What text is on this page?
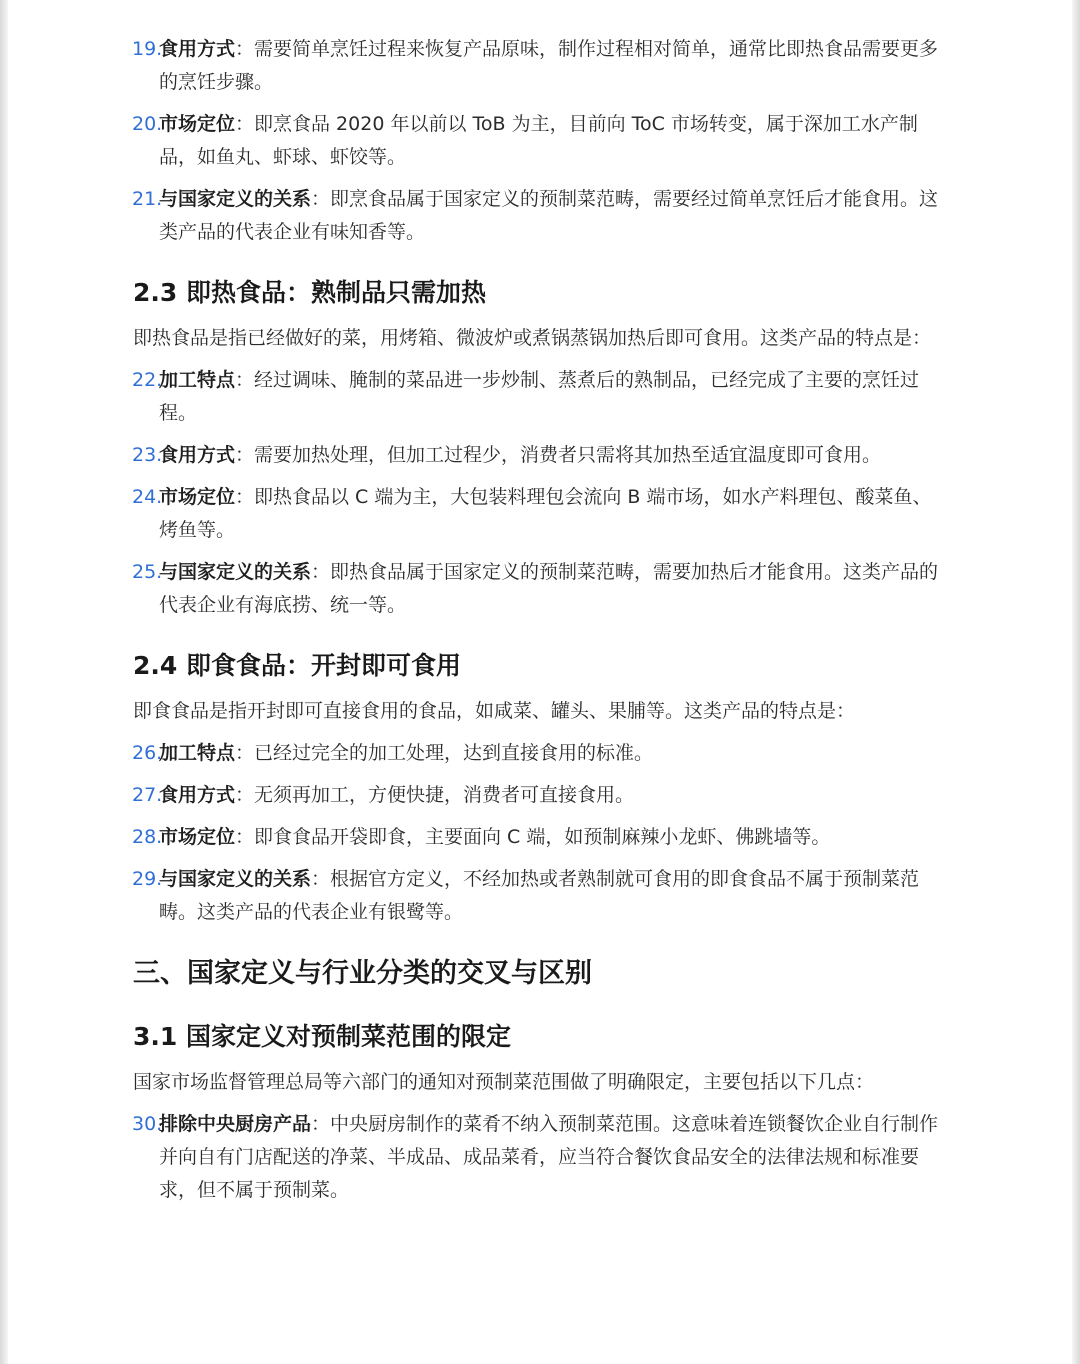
19.
食用方式：需要简单烹饪过程来恢复产品原味，制作过程相对简单，通常比即热食品需要更多的烹饪步骤。
20.
市场定位：即烹食品 2020 年以前以 ToB 为主，目前向 ToC 市场转变，属于深加工水产制品，如鱼丸、虾球、虾饺等。
21.
与国家定义的关系：即烹食品属于国家定义的预制菜范畴，需要经过简单烹饪后才能食用。这类产品的代表企业有味知香等。
2.3 即热食品：熟制品只需加热
即热食品是指已经做好的菜，用烤箱、微波炉或煮锅蒸锅加热后即可食用。这类产品的特点是：
22.
加工特点：经过调味、腌制的菜品进一步炒制、蒸煮后的熟制品，已经完成了主要的烹饪过程。
23.
食用方式：需要加热处理，但加工过程少，消费者只需将其加热至适宜温度即可食用。
24.
市场定位：即热食品以 C 端为主，大包装料理包会流向 B 端市场，如水产料理包、酸菜鱼、烤鱼等。
25.
与国家定义的关系：即热食品属于国家定义的预制菜范畴，需要加热后才能食用。这类产品的代表企业有海底捞、统一等。
2.4 即食食品：开封即可食用
即食食品是指开封即可直接食用的食品，如咸菜、罐头、果脯等。这类产品的特点是：
26.
加工特点：已经过完全的加工处理，达到直接食用的标准。
27.
食用方式：无须再加工，方便快捷，消费者可直接食用。
28.
市场定位：即食食品开袋即食，主要面向 C 端，如预制麻辣小龙虾、佛跳墙等。
29.
与国家定义的关系：根据官方定义，不经加热或者熟制就可食用的即食食品不属于预制菜范畴。这类产品的代表企业有银鹭等。
三、国家定义与行业分类的交叉与区别
3.1 国家定义对预制菜范围的限定
国家市场监督管理总局等六部门的通知对预制菜范围做了明确限定，主要包括以下几点：
30.
排除中央厨房产品：中央厨房制作的菜肴不纳入预制菜范围。这意味着连锁餐饮企业自行制作并向自有门店配送的净菜、半成品、成品菜肴，应当符合餐饮食品安全的法律法规和标准要求，但不属于预制菜。
